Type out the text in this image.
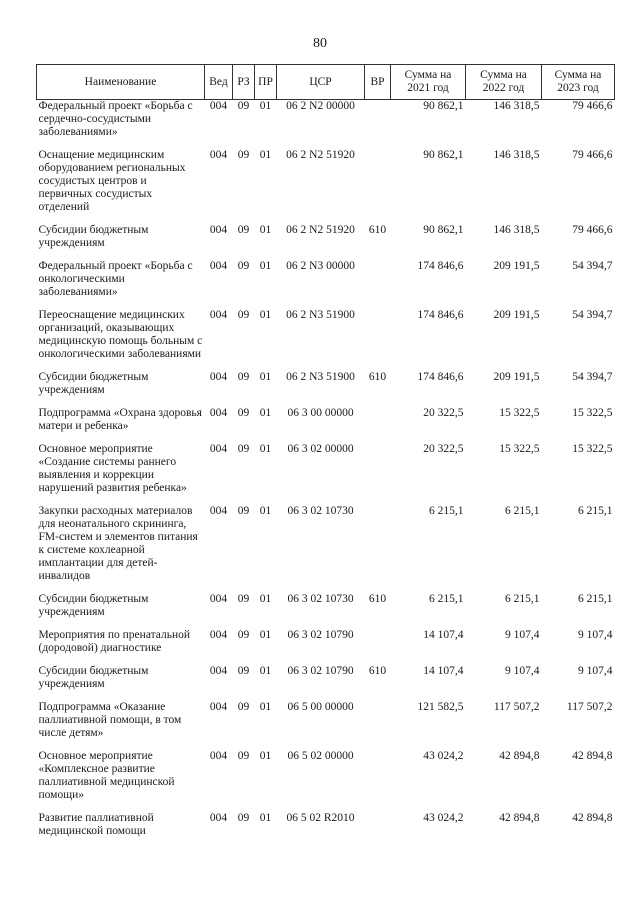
80
Наименование	Вед	РЗ	ПР	ЦСР	ВР	Сумма на 2021 год	Сумма на 2022 год	Сумма на 2023 год
Федеральный проект «Борьба с сердечно-сосудистыми заболеваниями»	004	09	01	06 2 N2 00000		90 862,1	146 318,5	79 466,6
Оснащение медицинским оборудованием региональных сосудистых центров и первичных сосудистых отделений	004	09	01	06 2 N2 51920		90 862,1	146 318,5	79 466,6
Субсидии бюджетным учреждениям	004	09	01	06 2 N2 51920	610	90 862,1	146 318,5	79 466,6
Федеральный проект «Борьба с онкологическими заболеваниями»	004	09	01	06 2 N3 00000		174 846,6	209 191,5	54 394,7
Переоснащение медицинских организаций, оказывающих медицинскую помощь больным с онкологическими заболеваниями	004	09	01	06 2 N3 51900		174 846,6	209 191,5	54 394,7
Субсидии бюджетным учреждениям	004	09	01	06 2 N3 51900	610	174 846,6	209 191,5	54 394,7
Подпрограмма «Охрана здоровья матери и ребенка»	004	09	01	06 3 00 00000		20 322,5	15 322,5	15 322,5
Основное мероприятие «Создание системы раннего выявления и коррекции нарушений развития ребенка»	004	09	01	06 3 02 00000		20 322,5	15 322,5	15 322,5
Закупки расходных материалов для неонатального скрининга, FM-систем и элементов питания к системе кохлеарной имплантации для детей-инвалидов	004	09	01	06 3 02 10730		6 215,1	6 215,1	6 215,1
Субсидии бюджетным учреждениям	004	09	01	06 3 02 10730	610	6 215,1	6 215,1	6 215,1
Мероприятия по пренатальной (дородовой) диагностике	004	09	01	06 3 02 10790		14 107,4	9 107,4	9 107,4
Субсидии бюджетным учреждениям	004	09	01	06 3 02 10790	610	14 107,4	9 107,4	9 107,4
Подпрограмма «Оказание паллиативной помощи, в том числе детям»	004	09	01	06 5 00 00000		121 582,5	117 507,2	117 507,2
Основное мероприятие «Комплексное развитие паллиативной медицинской помощи»	004	09	01	06 5 02 00000		43 024,2	42 894,8	42 894,8
Развитие паллиативной медицинской помощи	004	09	01	06 5 02 R2010		43 024,2	42 894,8	42 894,8
